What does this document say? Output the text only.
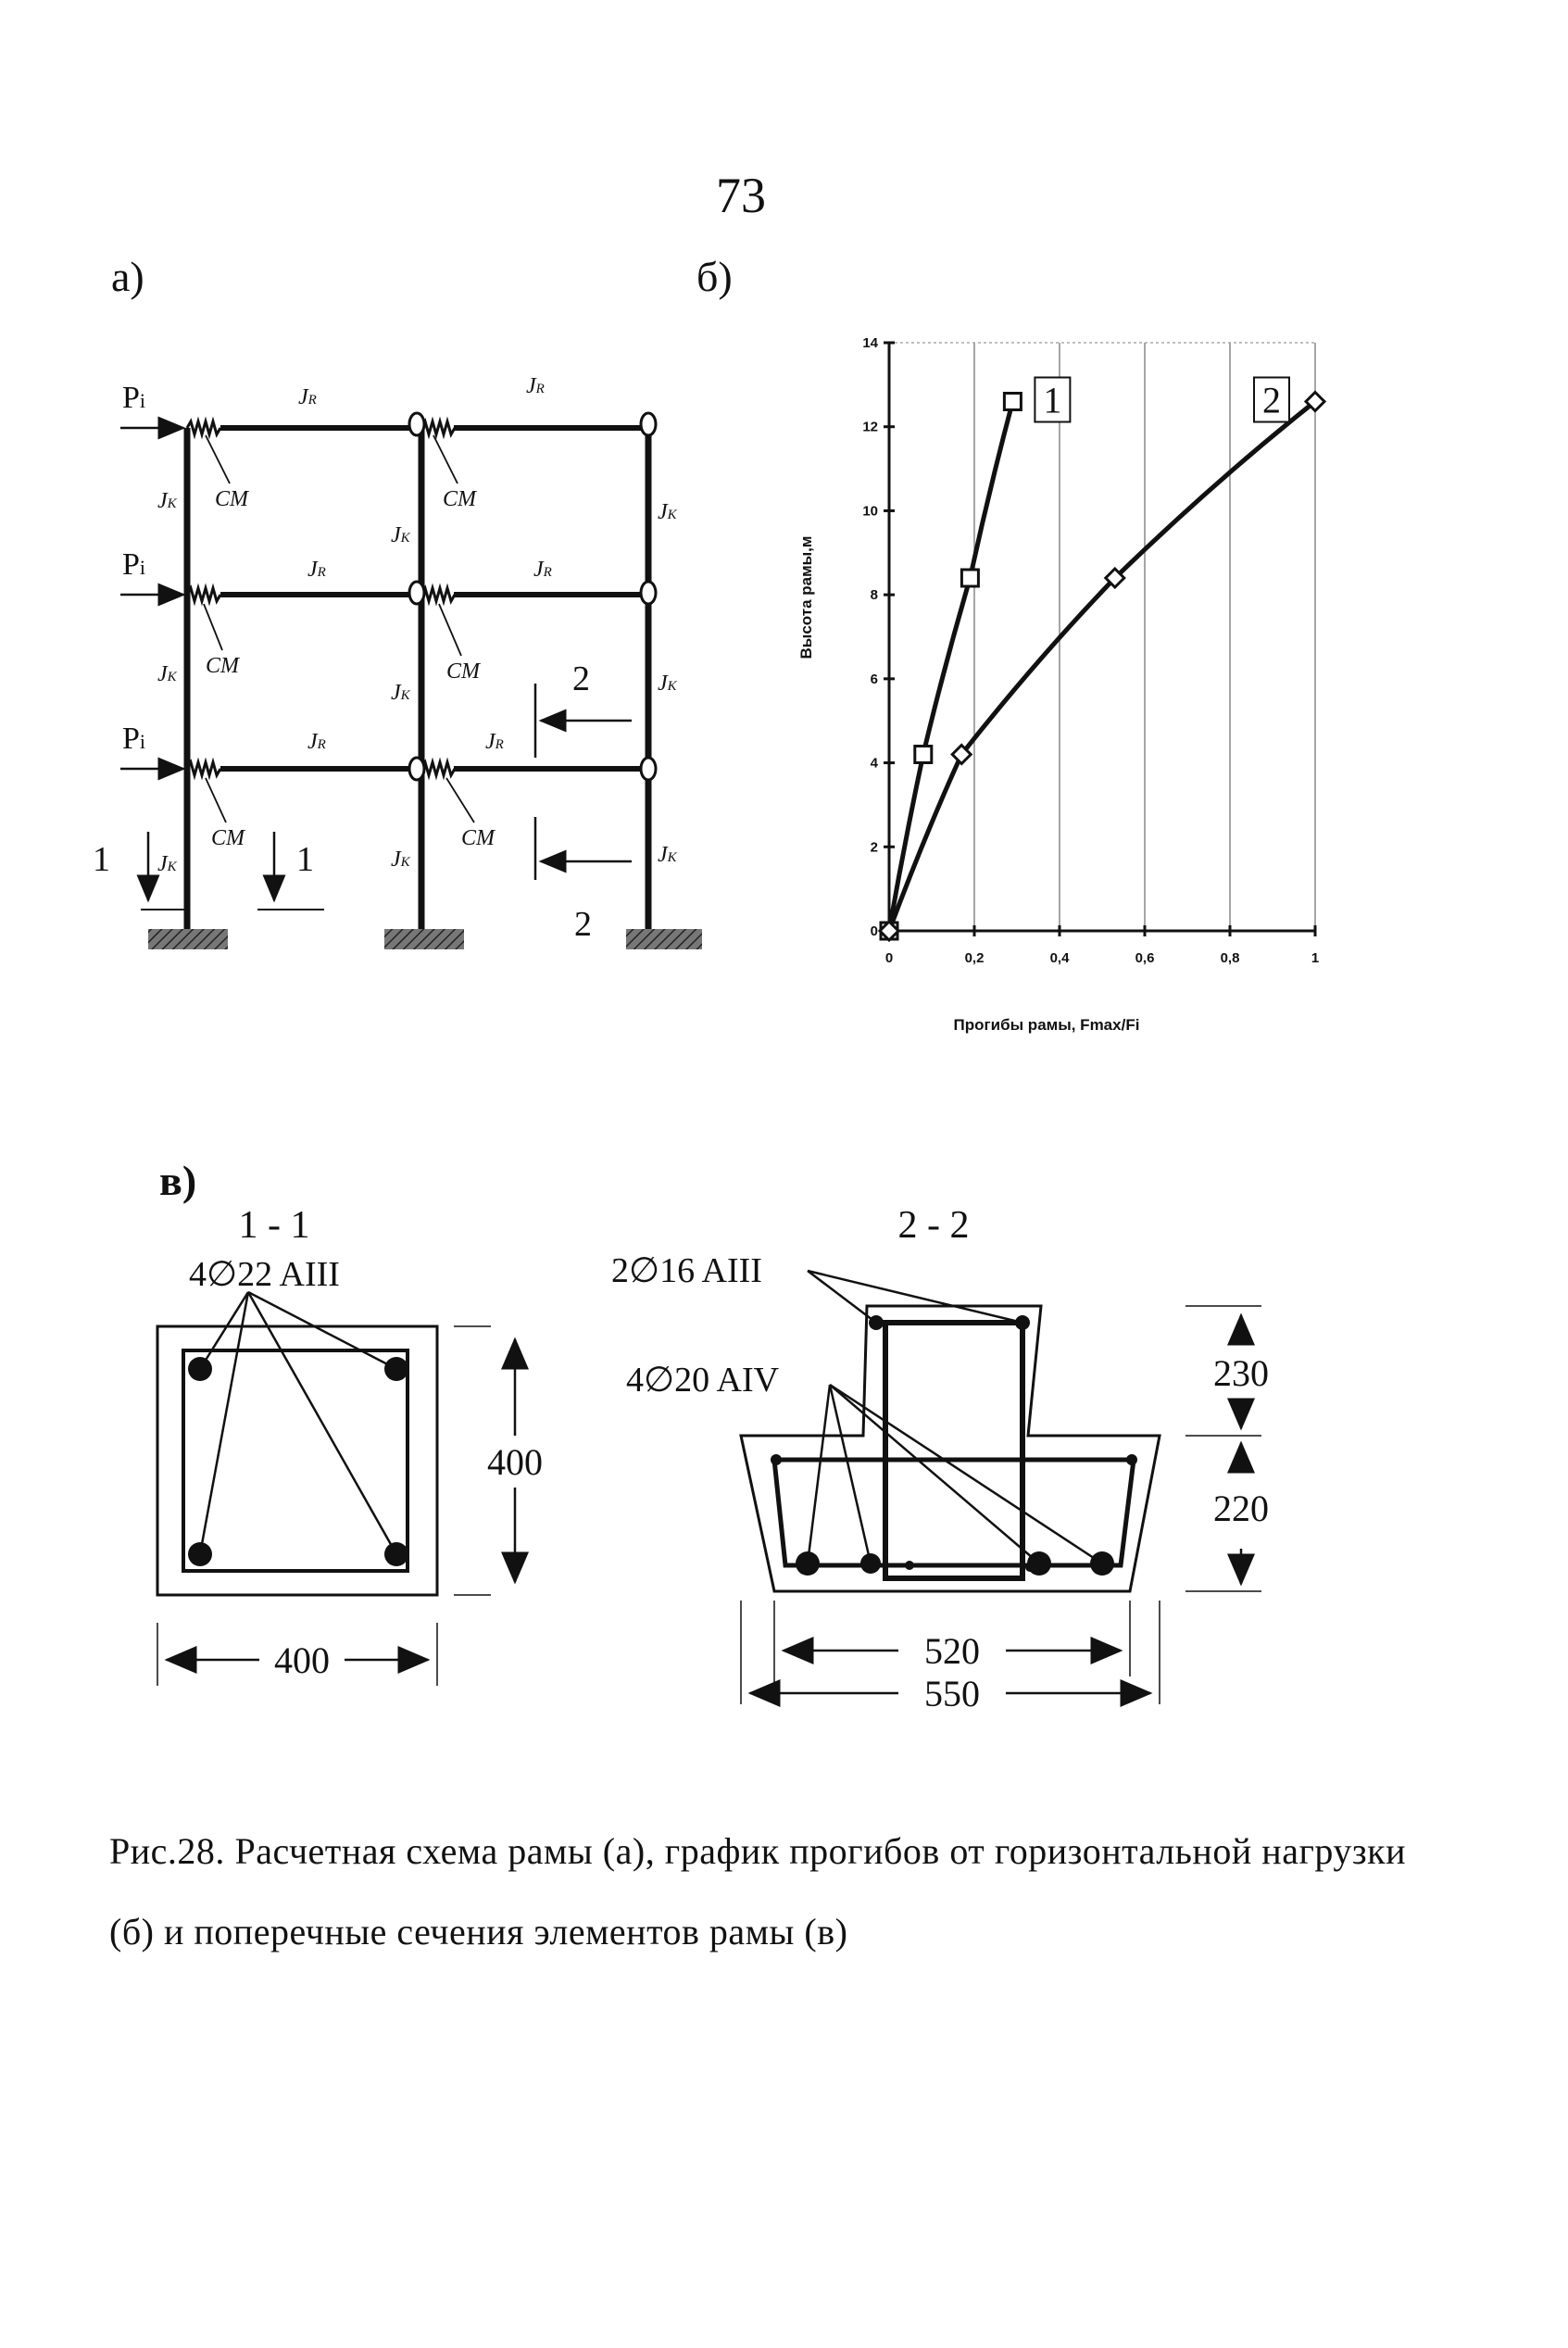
73
а)	б)
в)
Pi
Pi
Pi
JR
JR
JR	JR
JR	JR
JK
JK
JK
JK
JK
JK
JK
JK
JK
CM	CM
CM	CM
CM	CM
1	1
2
2
0	0,2	0,4	0,6	0,8	1
0
2
4
6
8
10
12
14
1	2
Прогибы рамы, Fmax/Fi
Высота рамы,м
1 - 1
4∅22 AIII
400
400
2 - 2
2∅16 AIII
4∅20 AIV	230
220
520
550
Рис.28. Расчетная схема рамы (а), график прогибов от горизонтальной нагрузки (б) и поперечные сечения элементов рамы (в)
